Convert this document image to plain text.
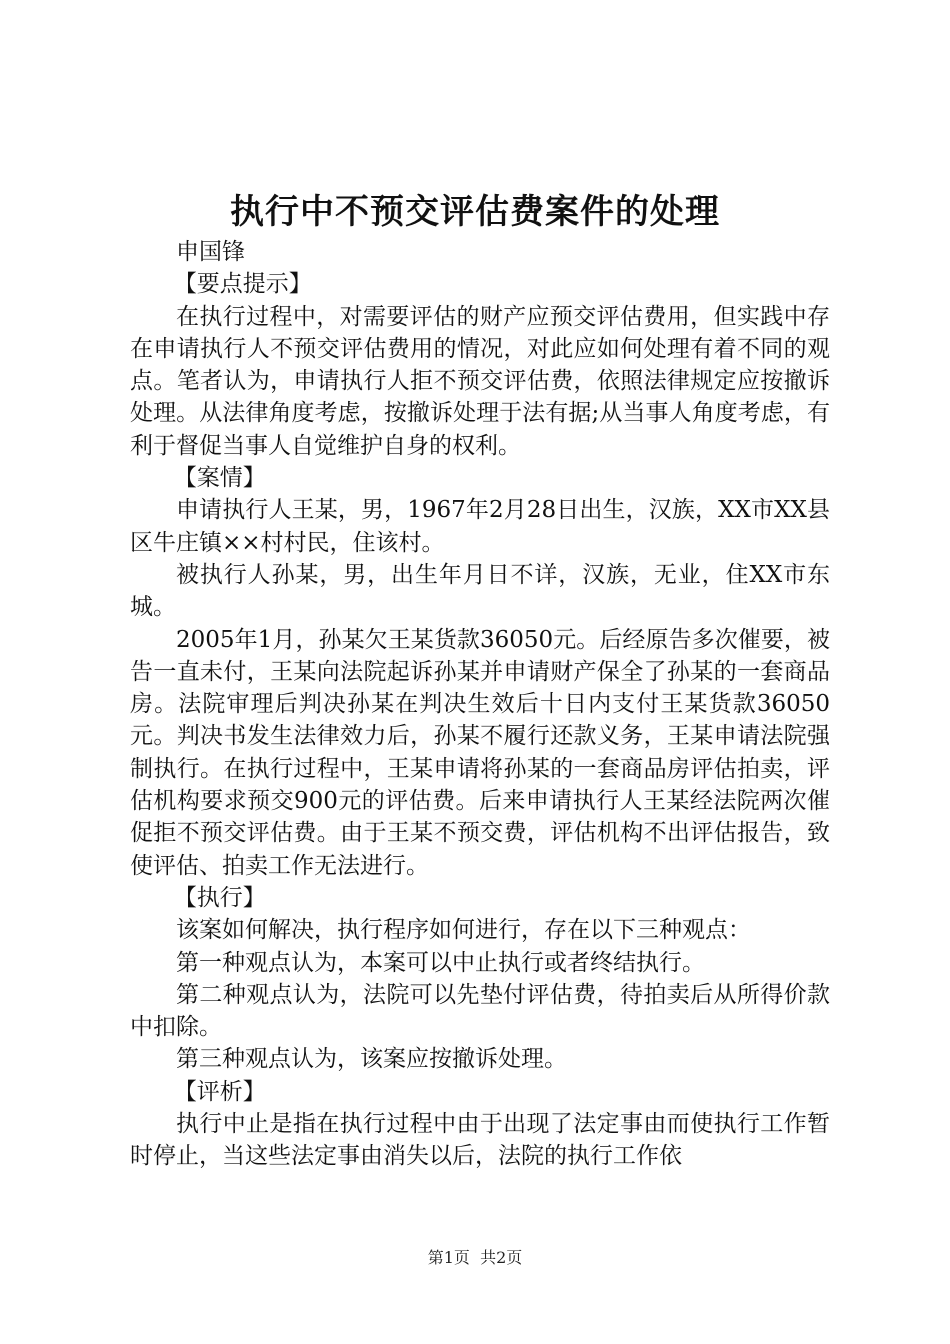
执行中不预交评估费案件的处理

申国锋

【要点提示】

在执行过程中，对需要评估的财产应预交评估费用，但实践中存在申请执行人不预交评估费用的情况，对此应如何处理有着不同的观点。笔者认为，申请执行人拒不预交评估费，依照法律规定应按撤诉处理。从法律角度考虑，按撤诉处理于法有据;从当事人角度考虑，有利于督促当事人自觉维护自身的权利。

【案情】

申请执行人王某，男，1967年2月28日出生，汉族，XX市XX县区牛庄镇××村村民，住该村。

被执行人孙某，男，出生年月日不详，汉族，无业，住XX市东城。

2005年1月，孙某欠王某货款36050元。后经原告多次催要，被告一直未付，王某向法院起诉孙某并申请财产保全了孙某的一套商品房。法院审理后判决孙某在判决生效后十日内支付王某货款36050元。判决书发生法律效力后，孙某不履行还款义务，王某申请法院强制执行。在执行过程中，王某申请将孙某的一套商品房评估拍卖，评估机构要求预交900元的评估费。后来申请执行人王某经法院两次催促拒不预交评估费。由于王某不预交费，评估机构不出评估报告，致使评估、拍卖工作无法进行。

【执行】

该案如何解决，执行程序如何进行，存在以下三种观点：

第一种观点认为，本案可以中止执行或者终结执行。

第二种观点认为，法院可以先垫付评估费，待拍卖后从所得价款中扣除。

第三种观点认为，该案应按撤诉处理。

【评析】

执行中止是指在执行过程中由于出现了法定事由而使执行工作暂时停止，当这些法定事由消失以后，法院的执行工作依

第1页 共2页
